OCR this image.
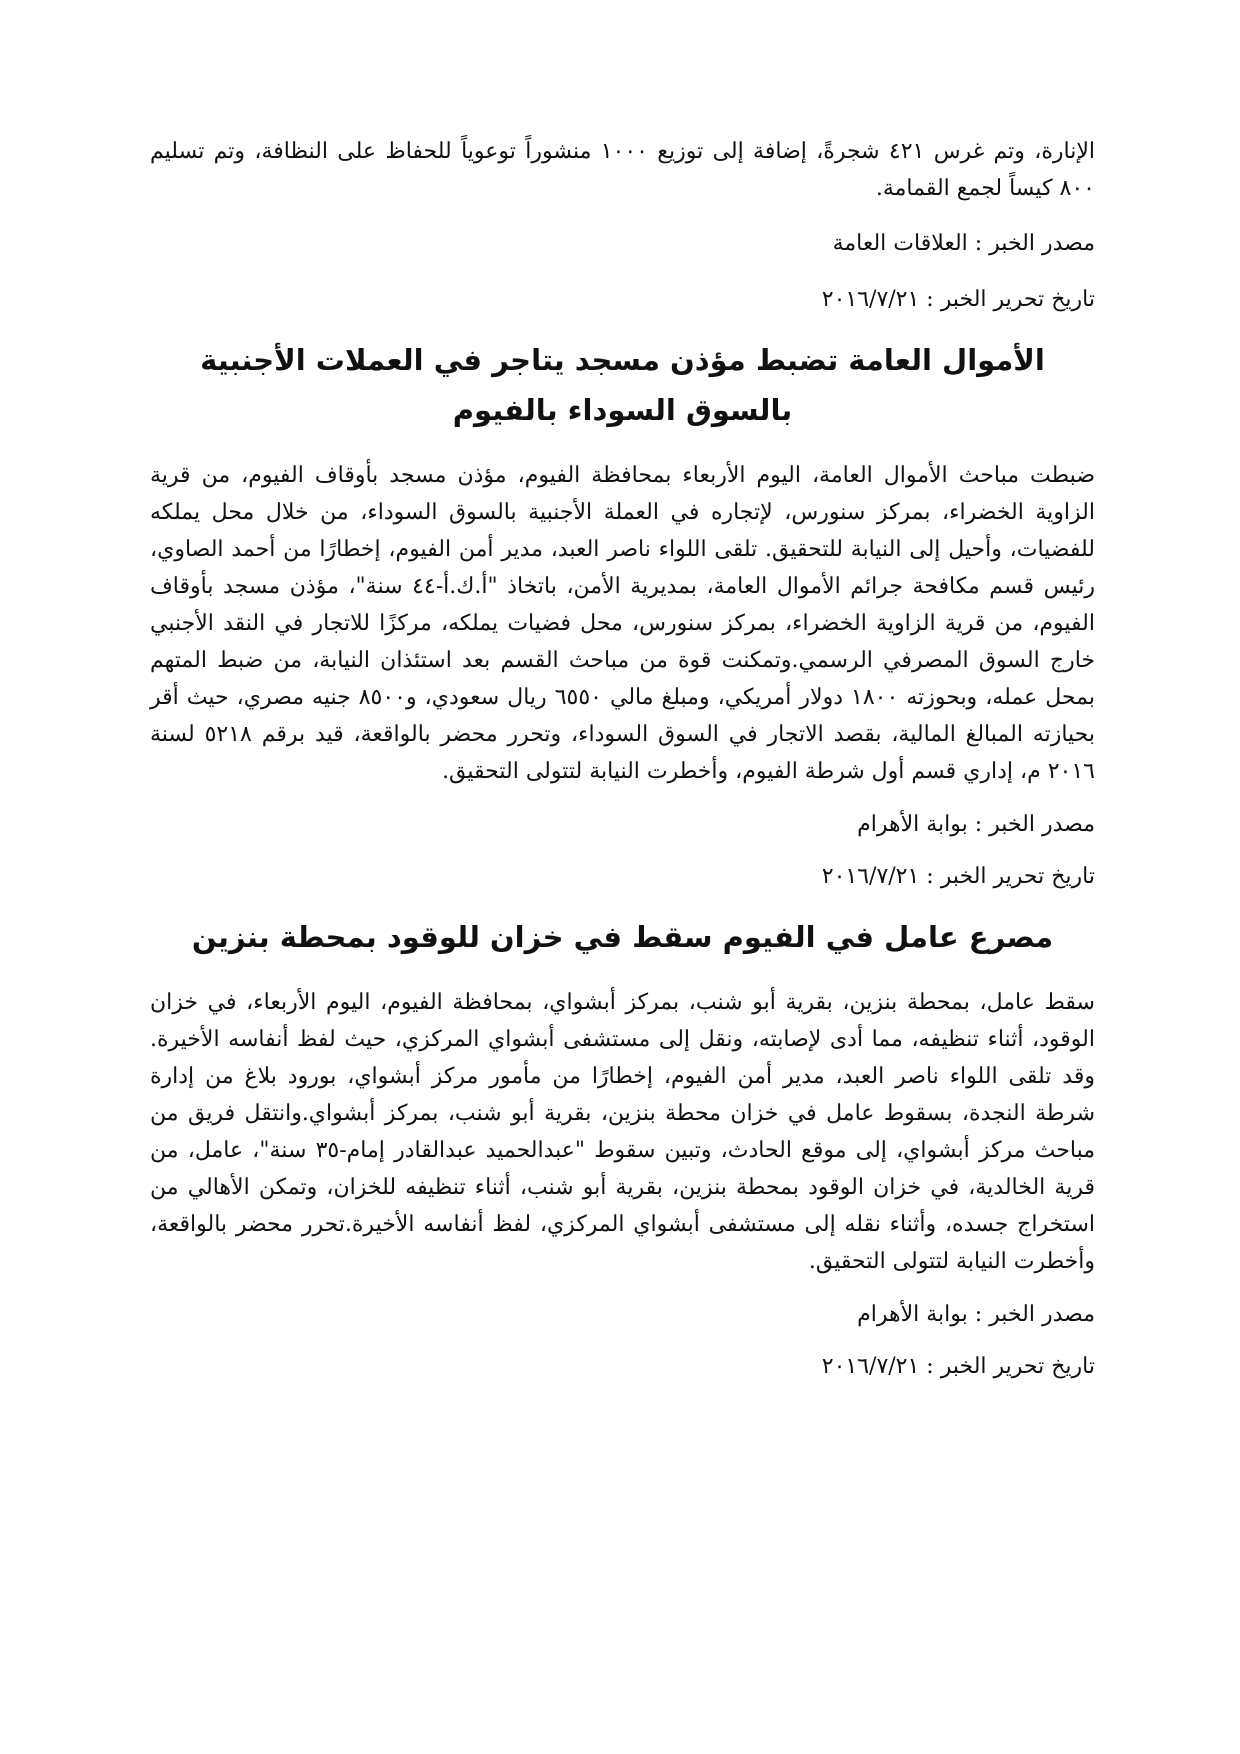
الإنارة، وتم غرس ٤٢١ شجرةً، إضافة إلى توزيع ١٠٠٠ منشوراً توعوياً للحفاظ على النظافة، وتم تسليم ٨٠٠ كيساً لجمع القمامة.

مصدر الخبر : العلاقات العامة

تاريخ تحرير الخبر : ٢٠١٦/٧/٢١

الأموال العامة تضبط مؤذن مسجد يتاجر في العملات الأجنبية بالسوق السوداء بالفيوم

ضبطت مباحث الأموال العامة، اليوم الأربعاء بمحافظة الفيوم، مؤذن مسجد بأوقاف الفيوم، من قرية الزاوية الخضراء، بمركز سنورس، لإتجاره في العملة الأجنبية بالسوق السوداء، من خلال محل يملكه للفضيات، وأحيل إلى النيابة للتحقيق. تلقى اللواء ناصر العبد، مدير أمن الفيوم، إخطارًا من أحمد الصاوي، رئيس قسم مكافحة جرائم الأموال العامة، بمديرية الأمن، باتخاذ "أ.ك.أ-٤٤ سنة"، مؤذن مسجد بأوقاف الفيوم، من قرية الزاوية الخضراء، بمركز سنورس، محل فضيات يملكه، مركزًا للاتجار في النقد الأجنبي خارج السوق المصرفي الرسمي.وتمكنت قوة من مباحث القسم بعد استئذان النيابة، من ضبط المتهم بمحل عمله، وبحوزته ١٨٠٠ دولار أمريكي، ومبلغ مالي ٦٥٥٠ ريال سعودي، و٨٥٠٠ جنيه مصري، حيث أقر بحيازته المبالغ المالية، بقصد الاتجار في السوق السوداء، وتحرر محضر بالواقعة، قيد برقم ٥٢١٨ لسنة ٢٠١٦ م، إداري قسم أول شرطة الفيوم، وأخطرت النيابة لتتولى التحقيق.

مصدر الخبر : بوابة الأهرام

تاريخ تحرير الخبر : ٢٠١٦/٧/٢١

مصرع عامل في الفيوم سقط في خزان للوقود بمحطة بنزين

سقط عامل، بمحطة بنزين، بقرية أبو شنب، بمركز أبشواي، بمحافظة الفيوم، اليوم الأربعاء، في خزان الوقود، أثناء تنظيفه، مما أدى لإصابته، ونقل إلى مستشفى أبشواي المركزي، حيث لفظ أنفاسه الأخيرة. وقد تلقى اللواء ناصر العبد، مدير أمن الفيوم، إخطارًا من مأمور مركز أبشواي، بورود بلاغ من إدارة شرطة النجدة، بسقوط عامل في خزان محطة بنزين، بقرية أبو شنب، بمركز أبشواي.وانتقل فريق من مباحث مركز أبشواي، إلى موقع الحادث، وتبين سقوط "عبدالحميد عبدالقادر إمام-٣٥ سنة"، عامل، من قرية الخالدية، في خزان الوقود بمحطة بنزين، بقرية أبو شنب، أثناء تنظيفه للخزان، وتمكن الأهالي من استخراج جسده، وأثناء نقله إلى مستشفى أبشواي المركزي، لفظ أنفاسه الأخيرة.تحرر محضر بالواقعة، وأخطرت النيابة لتتولى التحقيق.

مصدر الخبر : بوابة الأهرام

تاريخ تحرير الخبر : ٢٠١٦/٧/٢١
